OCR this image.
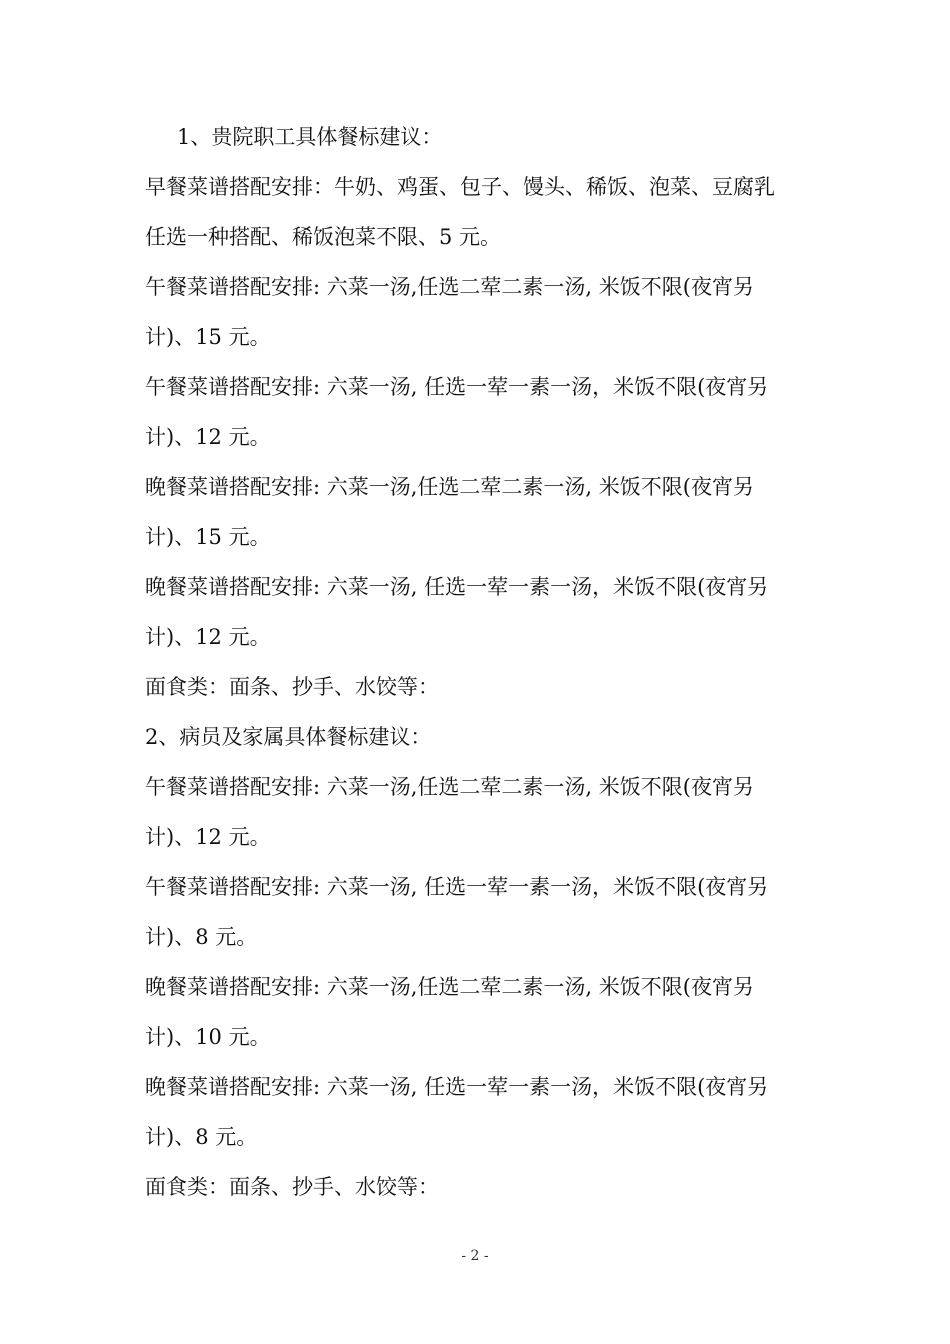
1、贵院职工具体餐标建议：
早餐菜谱搭配安排：牛奶、鸡蛋、包子、馒头、稀饭、泡菜、豆腐乳
任选一种搭配、稀饭泡菜不限、5 元。
午餐菜谱搭配安排: 六菜一汤,任选二荤二素一汤, 米饭不限(夜宵另
计)、15 元。
午餐菜谱搭配安排: 六菜一汤, 任选一荤一素一汤，米饭不限(夜宵另
计)、12 元。
晚餐菜谱搭配安排: 六菜一汤,任选二荤二素一汤, 米饭不限(夜宵另
计)、15 元。
晚餐菜谱搭配安排: 六菜一汤, 任选一荤一素一汤，米饭不限(夜宵另
计)、12 元。
面食类：面条、抄手、水饺等：
2、病员及家属具体餐标建议：
午餐菜谱搭配安排: 六菜一汤,任选二荤二素一汤, 米饭不限(夜宵另
计)、12 元。
午餐菜谱搭配安排: 六菜一汤, 任选一荤一素一汤，米饭不限(夜宵另
计)、8 元。
晚餐菜谱搭配安排: 六菜一汤,任选二荤二素一汤, 米饭不限(夜宵另
计)、10 元。
晚餐菜谱搭配安排: 六菜一汤, 任选一荤一素一汤，米饭不限(夜宵另
计)、8 元。
面食类：面条、抄手、水饺等：
- 2 -
